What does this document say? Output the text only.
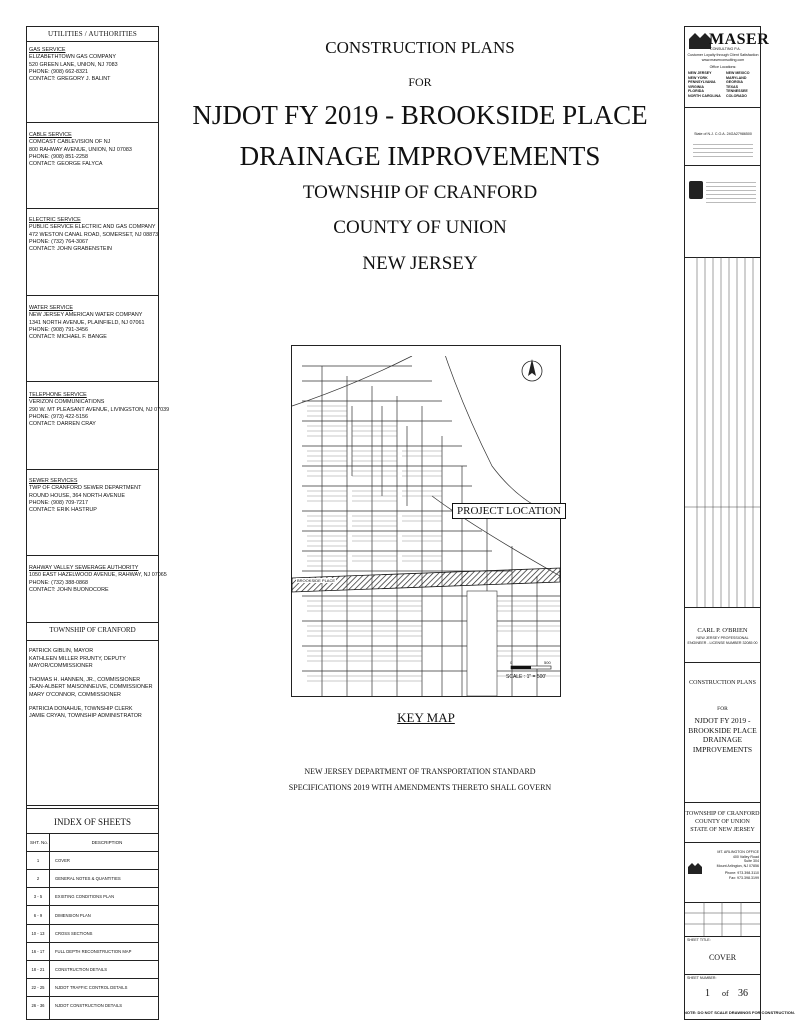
UTILITIES / AUTHORITIES
GAS SERVICE
ELIZABETHTOWN GAS COMPANY
520 GREEN LANE, UNION, NJ 7083
PHONE: (908) 662-8321
CONTACT: GREGORY J. BALINT
CABLE SERVICE
COMCAST CABLEVISION OF NJ
800 RAHWAY AVENUE, UNION, NJ 07083
PHONE: (908) 851-2258
CONTACT: GEORGE FALYCA
ELECTRIC SERVICE
PUBLIC SERVICE ELECTRIC AND GAS COMPANY
472 WESTON CANAL ROAD, SOMERSET, NJ 08873
PHONE: (732) 764-3067
CONTACT: JOHN GRABENSTEIN
WATER SERVICE
NEW JERSEY AMERICAN WATER COMPANY
1341 NORTH AVENUE, PLAINFIELD, NJ 07061
PHONE: (908) 791-3456
CONTACT: MICHAEL F. BANGE
TELEPHONE SERVICE
VERIZON COMMUNICATIONS
290 W. MT PLEASANT AVENUE, LIVINGSTON, NJ 07039
PHONE: (973) 422-5156
CONTACT: DARREN CRAY
SEWER SERVICES
TWP OF CRANFORD SEWER DEPARTMENT
ROUND HOUSE, 364 NORTH AVENUE
PHONE: (908) 709-7217
CONTACT: ERIK HASTRUP
RAHWAY VALLEY SEWERAGE AUTHORITY
1050 EAST HAZELWOOD AVENUE, RAHWAY, NJ 07065
PHONE: (732) 388-0868
CONTACT: JOHN BUONOCORE
TOWNSHIP OF CRANFORD
PATRICK GIBLIN, MAYOR
KATHLEEN MILLER PRUNTY, DEPUTY
MAYOR/COMMISSIONER
THOMAS H. HANNEN, JR., COMMISSIONER
JEAN-ALBERT MAISONNEUVE, COMMISSIONER
MARY O'CONNOR, COMMISSIONER
PATRICIA DONAHUE, TOWNSHIP CLERK
JAMIE CRYAN, TOWNSHIP ADMINISTRATOR
INDEX OF SHEETS
SHT. No.	DESCRIPTION
1	COVER
2	GENERAL NOTES & QUANTITIES
3 - 5	EXISTING CONDITIONS PLAN
6 - 9	DIMENSION PLAN
10 - 13	CROSS SECTIONS
16 - 17	FULL DEPTH RECONSTRUCTION MAP
18 - 21	CONSTRUCTION DETAILS
22 - 25	NJDOT TRAFFIC CONTROL DETAILS
26 - 36	NJDOT CONSTRUCTION DETAILS
CONSTRUCTION PLANS
FOR
NJDOT FY 2019 - BROOKSIDE PLACE
DRAINAGE IMPROVEMENTS
TOWNSHIP OF CRANFORD
COUNTY OF UNION
NEW JERSEY
PROJECT LOCATION
BROOKSIDE PLACE
0	500
SCALE : 1" = 500'
KEY MAP
NEW JERSEY DEPARTMENT OF TRANSPORTATION STANDARD
SPECIFICATIONS 2019 WITH AMENDMENTS THERETO SHALL GOVERN
MASER
CONSULTING P.A.
Customer Loyalty through Client Satisfaction
www.maserconsulting.com
Office Locations:
NEW JERSEY
NEW YORK
PENNSYLVANIA
VIRGINIA
FLORIDA
NORTH CAROLINA
NEW MEXICO
MARYLAND
GEORGIA
TEXAS
TENNESSEE
COLORADO
State of N.J. C.O.A. 24GA27986500
CARL P. O'BRIEN
NEW JERSEY PROFESSIONAL
ENGINEER - LICENSE NUMBER 32085 00
CONSTRUCTION PLANS
FOR
NJDOT FY 2019 -
BROOKSIDE PLACE
DRAINAGE
IMPROVEMENTS
TOWNSHIP OF CRANFORD
COUNTY OF UNION
STATE OF NEW JERSEY
MT. ARLINGTON OFFICE
400 Valley Road
Suite 304
Mount Arlington, NJ 07856
Phone: 973.398.3110
Fax: 973.398.3199
SHEET TITLE:
COVER
SHEET NUMBER:
1 of 36
NOTE: DO NOT SCALE DRAWINGS FOR CONSTRUCTION.
